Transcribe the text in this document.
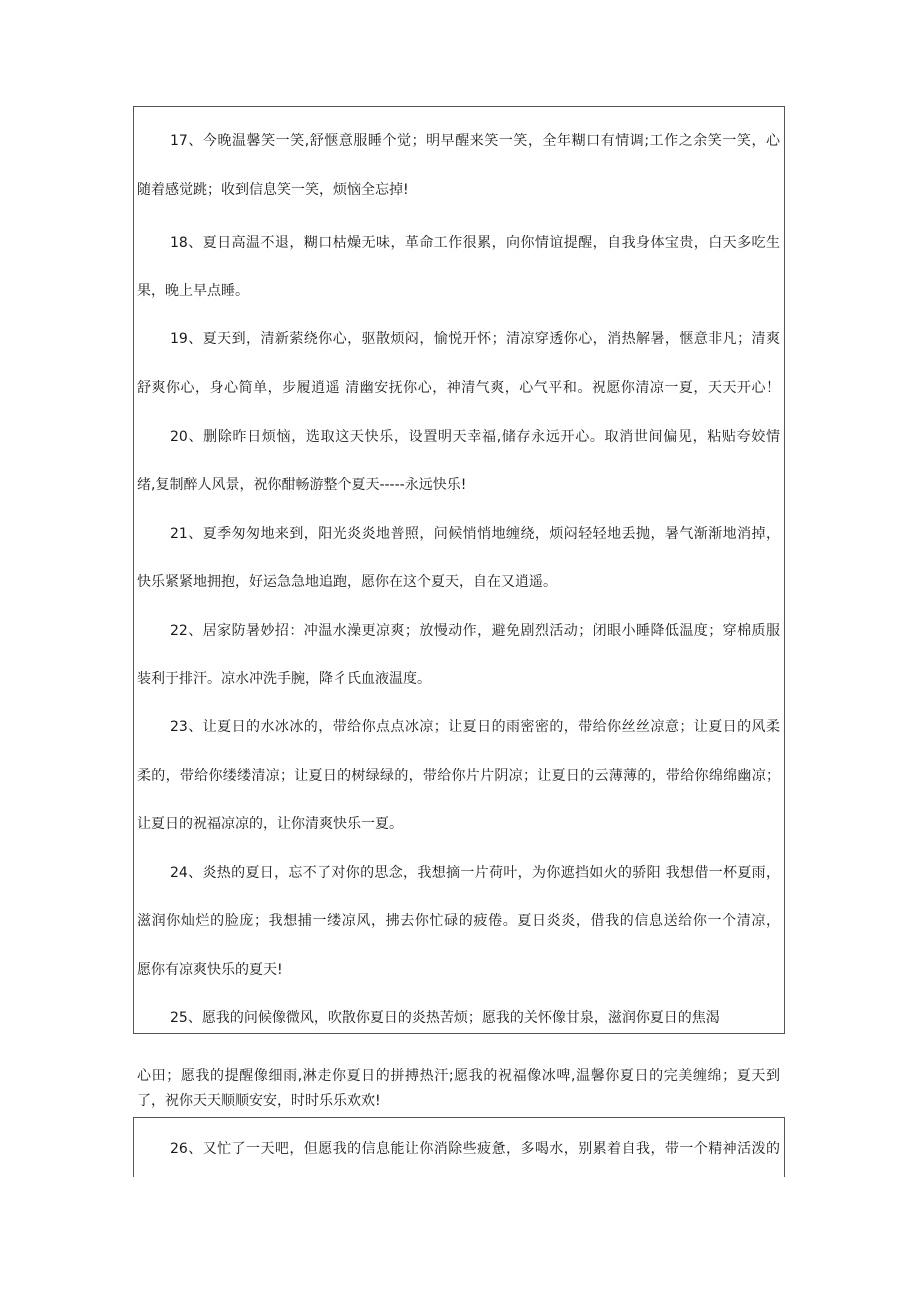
17、今晚温馨笑一笑,舒惬意服睡个觉；明早醒来笑一笑，全年糊口有情调;工作之余笑一笑，心
随着感觉跳；收到信息笑一笑，烦恼全忘掉!
18、夏日高温不退，糊口枯燥无味，革命工作很累，向你情谊提醒，自我身体宝贵，白天多吃生
果，晚上早点睡。
19、夏天到，清新萦绕你心，驱散烦闷，愉悦开怀；清凉穿透你心，消热解暑，惬意非凡；清爽
舒爽你心，身心简单，步履逍遥 清幽安抚你心，神清气爽，心气平和。祝愿你清凉一夏，天天开心！
20、删除昨日烦恼，选取这天快乐，设置明天幸福,储存永远开心。取消世间偏见，粘贴夸姣情
绪,复制醉人风景，祝你酣畅游整个夏天-----永远快乐!
21、夏季匆匆地来到，阳光炎炎地普照，问候悄悄地缠绕，烦闷轻轻地丢抛，暑气渐渐地消掉，
快乐紧紧地拥抱，好运急急地追跑，愿你在这个夏天，自在又逍遥。
22、居家防暑妙招：冲温水澡更凉爽；放慢动作，避免剧烈活动；闭眼小睡降低温度；穿棉质服
装利于排汗。凉水冲洗手腕，降彳氏血液温度。
23、让夏日的水冰冰的，带给你点点冰凉；让夏日的雨密密的，带给你丝丝凉意；让夏日的风柔
柔的，带给你缕缕清凉；让夏日的树绿绿的，带给你片片阴凉；让夏日的云薄薄的，带给你绵绵幽凉；
让夏日的祝福凉凉的，让你清爽快乐一夏。
24、炎热的夏日，忘不了对你的思念，我想摘一片荷叶，为你遮挡如火的骄阳 我想借一杯夏雨，
滋润你灿烂的脸庞；我想捕一缕凉风，拂去你忙碌的疲倦。夏日炎炎，借我的信息送给你一个清凉，
愿你有凉爽快乐的夏天!
25、愿我的问候像微风，吹散你夏日的炎热苦烦；愿我的关怀像甘泉，滋润你夏日的焦渴
心田；愿我的提醒像细雨,淋走你夏日的拼搏热汗;愿我的祝福像冰啤,温馨你夏日的完美缠绵；夏天到
了，祝你天天顺顺安安，时时乐乐欢欢!
26、又忙了一天吧，但愿我的信息能让你消除些疲惫，多喝水，别累着自我，带一个精神活泼的
